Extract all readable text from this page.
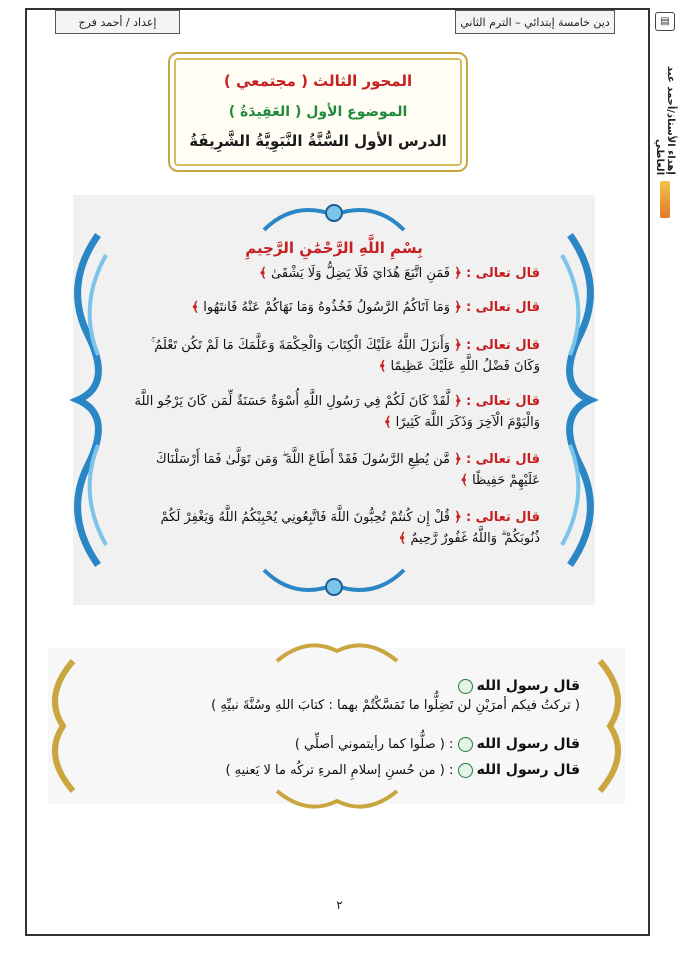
دين خامسة إبتدائي – الترم الثاني
إعداد / أحمد فرج	▤
إهداء الأستاذ/أحمد عبد العاطي
المحور الثالث ( مجتمعي )
الموضوع الأول ( العَقِيدَةُ )
الدرس الأول السُّنَّةُ النَّبَوِيَّةُ الشَّرِيفَةُ
بِسْمِ اللَّهِ الرَّحْمَٰنِ الرَّحِيمِ
قال تعالى : ﴿ فَمَنِ اتَّبَعَ هُدَايَ فَلَا يَضِلُّ وَلَا يَشْقَىٰ ﴾
قال تعالى : ﴿ وَمَا آتَاكُمُ الرَّسُولُ فَخُذُوهُ وَمَا نَهَاكُمْ عَنْهُ فَانتَهُوا ﴾
قال تعالى : ﴿ وَأَنزَلَ اللَّهُ عَلَيْكَ الْكِتَابَ وَالْحِكْمَةَ وَعَلَّمَكَ مَا لَمْ تَكُن تَعْلَمُ ۚ وَكَانَ فَضْلُ اللَّهِ عَلَيْكَ عَظِيمًا ﴾
قال تعالى : ﴿ لَّقَدْ كَانَ لَكُمْ فِي رَسُولِ اللَّهِ أُسْوَةٌ حَسَنَةٌ لِّمَن كَانَ يَرْجُو اللَّهَ وَالْيَوْمَ الْآخِرَ وَذَكَرَ اللَّهَ كَثِيرًا ﴾
قال تعالى : ﴿ مَّن يُطِعِ الرَّسُولَ فَقَدْ أَطَاعَ اللَّهَ ۖ وَمَن تَوَلَّىٰ فَمَا أَرْسَلْنَاكَ عَلَيْهِمْ حَفِيظًا ﴾
قال تعالى : ﴿ قُلْ إِن كُنتُمْ تُحِبُّونَ اللَّهَ فَاتَّبِعُونِي يُحْبِبْكُمُ اللَّهُ وَيَغْفِرْ لَكُمْ ذُنُوبَكُمْ ۗ وَاللَّهُ غَفُورٌ رَّحِيمٌ ﴾
قال رسول الله
( تركتُ فيكم أمرَيْنِ لن تَضِلُّوا ما تَمَسَّكْتُمْ بهما : كتابَ اللهِ وسُنَّةَ نبيِّهِ )
قال رسول الله  : ( صلُّوا كما رأيتموني أصلِّي )
قال رسول الله  : ( من حُسنِ إسلامِ المرءِ تركُه ما لا يَعنيهِ )
٢
